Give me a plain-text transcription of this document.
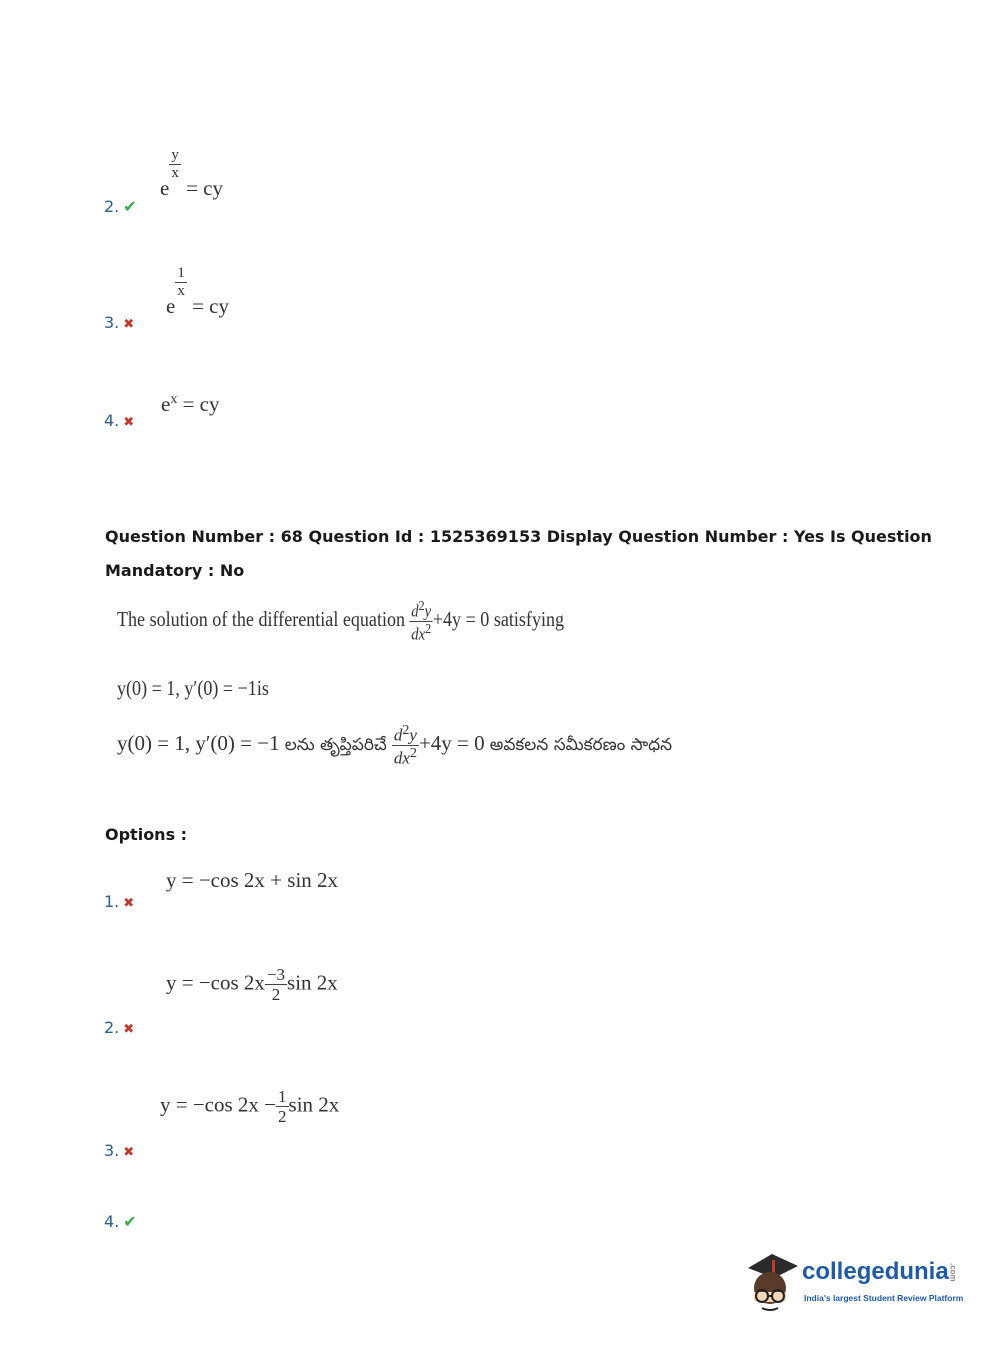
2. ✔
e
$\frac{y}{x}$
= cy
3. ✖
e
$\frac{1}{x}$
= cy
4. ✖
$e^x$ = cy
Question Number : 68 Question Id : 1525369153 Display Question Number : Yes Is Question
Mandatory : No
The solution of the differential equation $\frac{d^2y}{dx^2} +4y = 0$ satisfying
y(0) = 1, y′(0) = −1is
y(0) = 1, y′(0) = −1 లను తృప్తిపరిచే $\frac{d^2y}{dx^2} +4y = 0$ అవకలన సమీకరణం సాధన
Options :
y = −cos 2x + sin 2x
1. ✖
y = −cos $2x \frac{-3}{2}$ sin 2x
2. ✖
y = −cos $2x - \frac{1}{2}$ sin 2x
3. ✖
4. ✔
collegedunia.com
India's largest Student Review Platform
